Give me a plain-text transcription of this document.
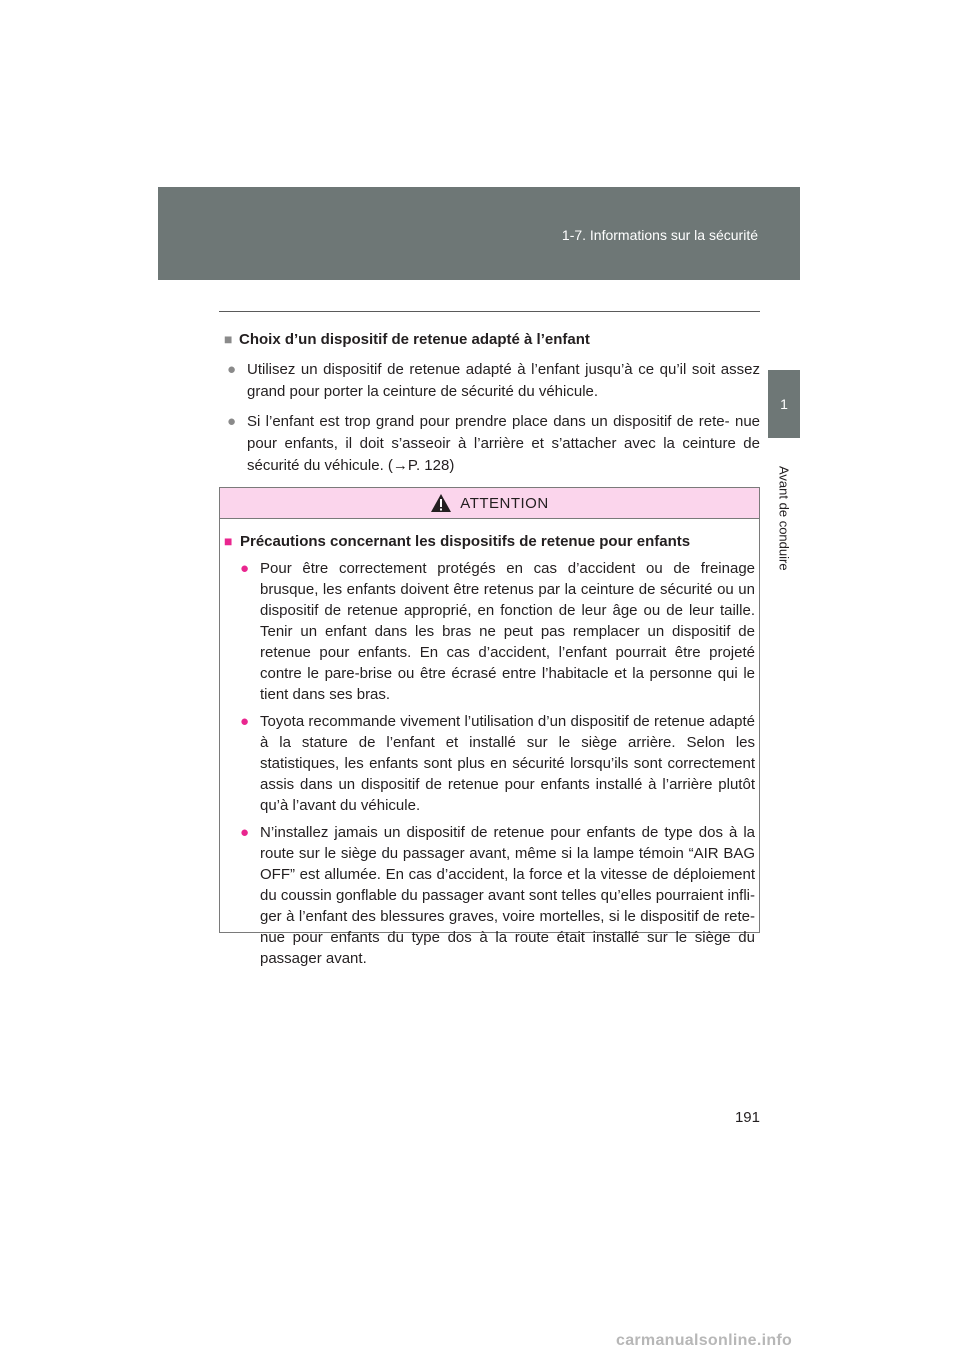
1-7. Informations sur la sécurité
1
Avant de conduire
■ Choix d’un dispositif de retenue adapté à l’enfant
● Utilisez un dispositif de retenue adapté à l’enfant jusqu’à ce qu’il soit assez grand pour porter la ceinture de sécurité du véhicule.
● Si l’enfant est trop grand pour prendre place dans un dispositif de rete- nue pour enfants, il doit s’asseoir à l’arrière et s’attacher avec la ceinture de sécurité du véhicule. (→P. 128)
ATTENTION
■ Précautions concernant les dispositifs de retenue pour enfants
● Pour être correctement protégés en cas d’accident ou de freinage brusque, les enfants doivent être retenus par la ceinture de sécurité ou un dispositif de retenue approprié, en fonction de leur âge ou de leur taille. Tenir un enfant dans les bras ne peut pas remplacer un dispositif de retenue pour enfants. En cas d’accident, l’enfant pourrait être projeté contre le pare-brise ou être écrasé entre l’habitacle et la personne qui le tient dans ses bras.
● Toyota recommande vivement l’utilisation d’un dispositif de retenue adapté à la stature de l’enfant et installé sur le siège arrière. Selon les statistiques, les enfants sont plus en sécurité lorsqu’ils sont correctement assis dans un dispositif de retenue pour enfants installé à l’arrière plutôt qu’à l’avant du véhicule.
● N’installez jamais un dispositif de retenue pour enfants de type dos à la route sur le siège du passager avant, même si la lampe témoin “AIR BAG OFF” est allumée. En cas d’accident, la force et la vitesse de déploiement du coussin gonflable du passager avant sont telles qu’elles pourraient infli- ger à l’enfant des blessures graves, voire mortelles, si le dispositif de rete- nue pour enfants du type dos à la route était installé sur le siège du passager avant.
191
carmanualsonline.info
